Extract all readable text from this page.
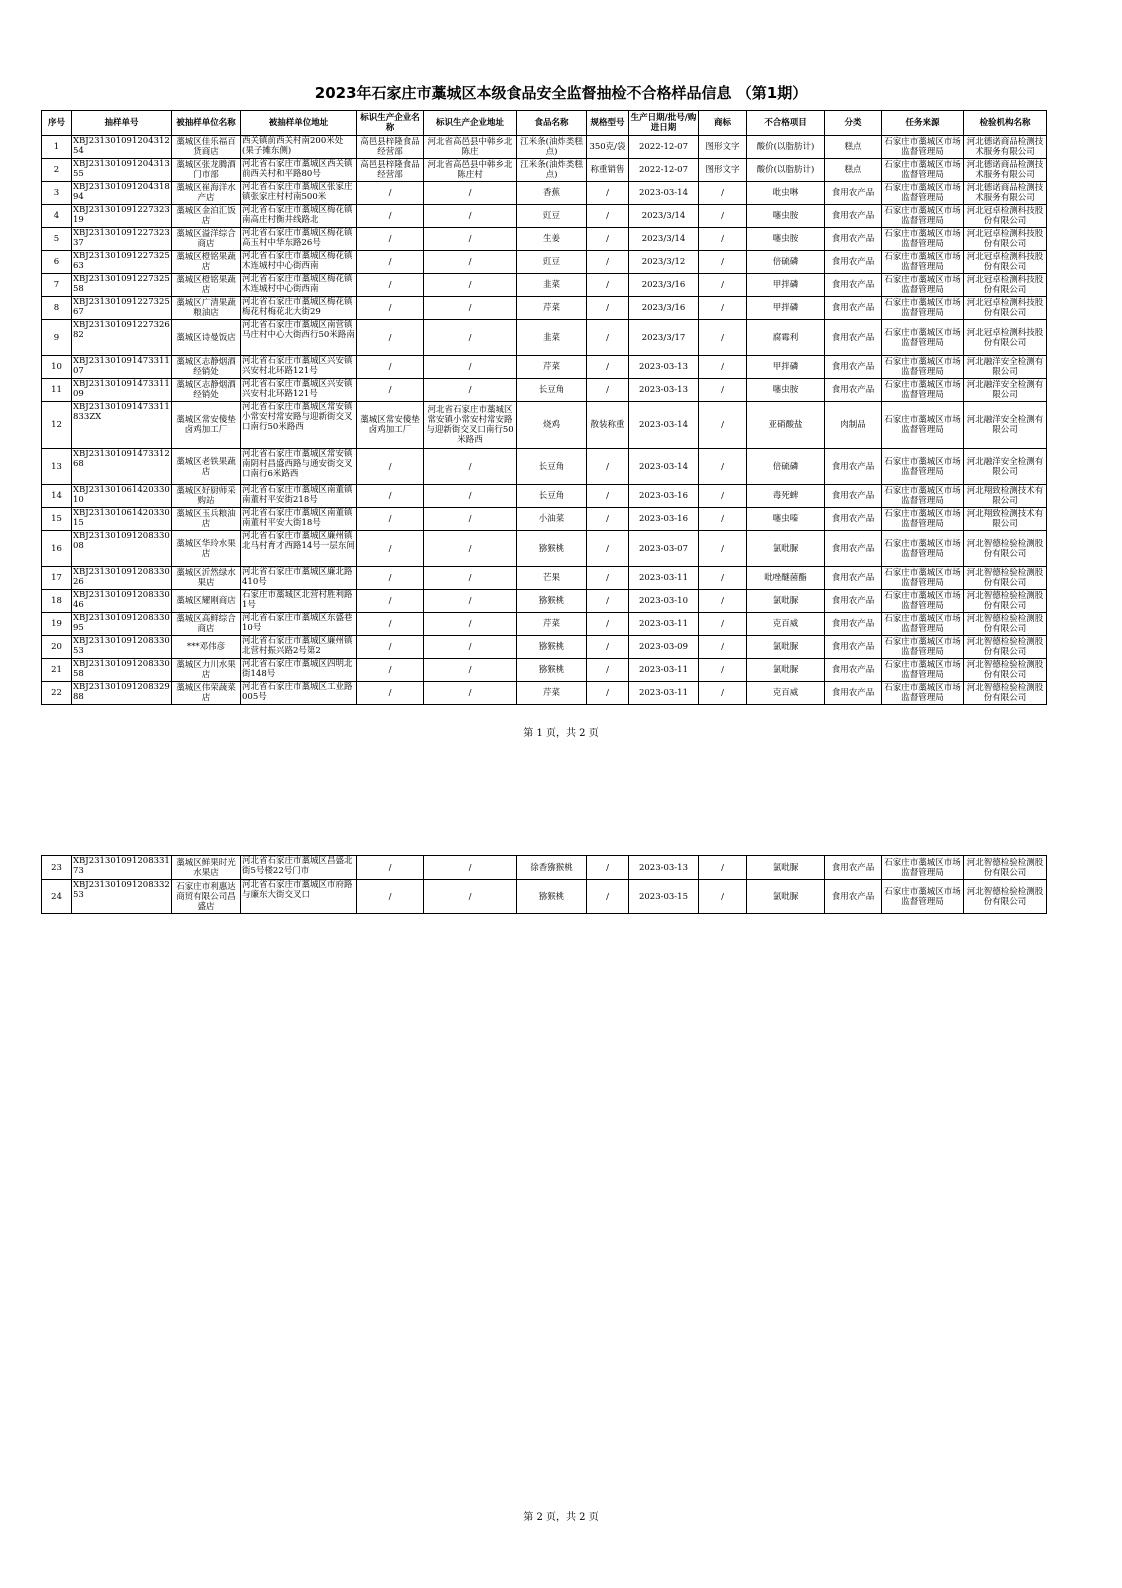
2023年石家庄市藁城区本级食品安全监督抽检不合格样品信息 （第1期）
序号	抽样单号	被抽样单位名称	被抽样单位地址	标识生产企业名称	标识生产企业地址	食品名称	规格型号	生产日期/批号/购进日期	商标	不合格项目	分类	任务来源	检验机构名称
1	XBJ23130109120431254	藁城区佳乐福百货商店	西关镇前西关村南200米处(果子摊东侧)	高邑县梓隆食品经营部	河北省高邑县中韩乡北陈庄	江米条(油炸类糕点)	350克/袋	2022-12-07	图形文字	酸价(以脂肪计)	糕点	石家庄市藁城区市场监督管理局	河北德诺商品检测技术服务有限公司
2	XBJ23130109120431355	藁城区张龙腾酒门市部	河北省石家庄市藁城区西关镇前西关村和平路80号	高邑县梓隆食品经营部	河北省高邑县中韩乡北陈庄村	江米条(油炸类糕点)	称重销售	2022-12-07	图形文字	酸价(以脂肪计)	糕点	石家庄市藁城区市场监督管理局	河北德诺商品检测技术服务有限公司
3	XBJ23130109120431894	藁城区崔海洋水产店	河北省石家庄市藁城区张家庄镇张家庄村村南500米	/	/	香蕉	/	2023-03-14	/	吡虫啉	食用农产品	石家庄市藁城区市场监督管理局	河北德诺商品检测技术服务有限公司
4	XBJ23130109122732319	藁城区金泊汇饭店	河北省石家庄市藁城区梅花镇南高庄村衡井线路北	/	/	豇豆	/	2023/3/14	/	噻虫胺	食用农产品	石家庄市藁城区市场监督管理局	河北冠卓检测科技股份有限公司
5	XBJ23130109122732337	藁城区溢洋综合商店	河北省石家庄市藁城区梅花镇高玉村中华东路26号	/	/	生姜	/	2023/3/14	/	噻虫胺	食用农产品	石家庄市藁城区市场监督管理局	河北冠卓检测科技股份有限公司
6	XBJ23130109122732563	藁城区橙铭果蔬店	河北省石家庄市藁城区梅花镇木连城村中心街西南	/	/	豇豆	/	2023/3/12	/	倍硫磷	食用农产品	石家庄市藁城区市场监督管理局	河北冠卓检测科技股份有限公司
7	XBJ23130109122732558	藁城区橙铭果蔬店	河北省石家庄市藁城区梅花镇木连城村中心街西南	/	/	韭菜	/	2023/3/16	/	甲拌磷	食用农产品	石家庄市藁城区市场监督管理局	河北冠卓检测科技股份有限公司
8	XBJ23130109122732567	藁城区广清果蔬粮油店	河北省石家庄市藁城区梅花镇梅花村梅花北大街29	/	/	芹菜	/	2023/3/16	/	甲拌磷	食用农产品	石家庄市藁城区市场监督管理局	河北冠卓检测科技股份有限公司
9	XBJ23130109122732682	藁城区诗曼饭店	河北省石家庄市藁城区南营镇马庄村中心大街西行50米路南	/	/	韭菜	/	2023/3/17	/	腐霉利	食用农产品	石家庄市藁城区市场监督管理局	河北冠卓检测科技股份有限公司
10	XBJ23130109147331107	藁城区志静烟酒经销处	河北省石家庄市藁城区兴安镇兴安村北环路121号	/	/	芹菜	/	2023-03-13	/	甲拌磷	食用农产品	石家庄市藁城区市场监督管理局	河北融洋安全检测有限公司
11	XBJ23130109147331109	藁城区志静烟酒经销处	河北省石家庄市藁城区兴安镇兴安村北环路121号	/	/	长豆角	/	2023-03-13	/	噻虫胺	食用农产品	石家庄市藁城区市场监督管理局	河北融洋安全检测有限公司
12	XBJ231301091473311833ZX	藁城区常安傻垫卤鸡加工厂	河北省石家庄市藁城区常安镇小常安村常安路与迎新街交叉口南行50米路西	藁城区常安傻垫卤鸡加工厂	河北省石家庄市藁城区常安镇小常安村常安路与迎新街交叉口南行50米路西	烧鸡	散装称重	2023-03-14	/	亚硝酸盐	肉制品	石家庄市藁城区市场监督管理局	河北融洋安全检测有限公司
13	XBJ23130109147331268	藁城区老铁果蔬店	河北省石家庄市藁城区常安镇南阴村昌盛西路与通安街交叉口南行6米路西	/	/	长豆角	/	2023-03-14	/	倍硫磷	食用农产品	石家庄市藁城区市场监督管理局	河北融洋安全检测有限公司
14	XBJ23130106142033010	藁城区好厨师采购站	河北省石家庄市藁城区南董镇南董村平安街218号	/	/	长豆角	/	2023-03-16	/	毒死蜱	食用农产品	石家庄市藁城区市场监督管理局	河北翔致检测技术有限公司
15	XBJ23130106142033015	藁城区玉兵粮油店	河北省石家庄市藁城区南董镇南董村平安大街18号	/	/	小油菜	/	2023-03-16	/	噻虫嗪	食用农产品	石家庄市藁城区市场监督管理局	河北翔致检测技术有限公司
16	XBJ23130109120833008	藁城区华玲水果店	河北省石家庄市藁城区廉州镇北马村育才西路14号一层东间	/	/	猕猴桃	/	2023-03-07	/	氯吡脲	食用农产品	石家庄市藁城区市场监督管理局	河北智德检验检测股份有限公司
17	XBJ23130109120833026	藁城区沂然绿水果店	河北省石家庄市藁城区廉北路410号	/	/	芒果	/	2023-03-11	/	吡唑醚菌酯	食用农产品	石家庄市藁城区市场监督管理局	河北智德检验检测股份有限公司
18	XBJ23130109120833046	藁城区耀刚商店	石家庄市藁城区北营村胜利路1号	/	/	猕猴桃	/	2023-03-10	/	氯吡脲	食用农产品	石家庄市藁城区市场监督管理局	河北智德检验检测股份有限公司
19	XBJ23130109120833095	藁城区高鲜综合商店	河北省石家庄市藁城区东盛巷10号	/	/	芹菜	/	2023-03-11	/	克百威	食用农产品	石家庄市藁城区市场监督管理局	河北智德检验检测股份有限公司
20	XBJ23130109120833053	***邓伟彦	河北省石家庄市藁城区廉州镇北营村振兴路2号第2	/	/	猕猴桃	/	2023-03-09	/	氯吡脲	食用农产品	石家庄市藁城区市场监督管理局	河北智德检验检测股份有限公司
21	XBJ23130109120833058	藁城区力川水果店	河北省石家庄市藁城区四明北街148号	/	/	猕猴桃	/	2023-03-11	/	氯吡脲	食用农产品	石家庄市藁城区市场监督管理局	河北智德检验检测股份有限公司
22	XBJ23130109120832988	藁城区伟荣蔬菜店	河北省石家庄市藁城区工业路005号	/	/	芹菜	/	2023-03-11	/	克百威	食用农产品	石家庄市藁城区市场监督管理局	河北智德检验检测股份有限公司
第 1 页，共 2 页
23	XBJ23130109120833173	藁城区鲜果时光水果店	河北省石家庄市藁城区昌盛北街5号楼22号门市	/	/	徐香猕猴桃	/	2023-03-13	/	氯吡脲	食用农产品	石家庄市藁城区市场监督管理局	河北智德检验检测股份有限公司
24	XBJ23130109120833253	石家庄市利惠达商贸有限公司昌盛店	河北省石家庄市藁城区市府路与廉东大街交叉口	/	/	猕猴桃	/	2023-03-15	/	氯吡脲	食用农产品	石家庄市藁城区市场监督管理局	河北智德检验检测股份有限公司
第 2 页，共 2 页
